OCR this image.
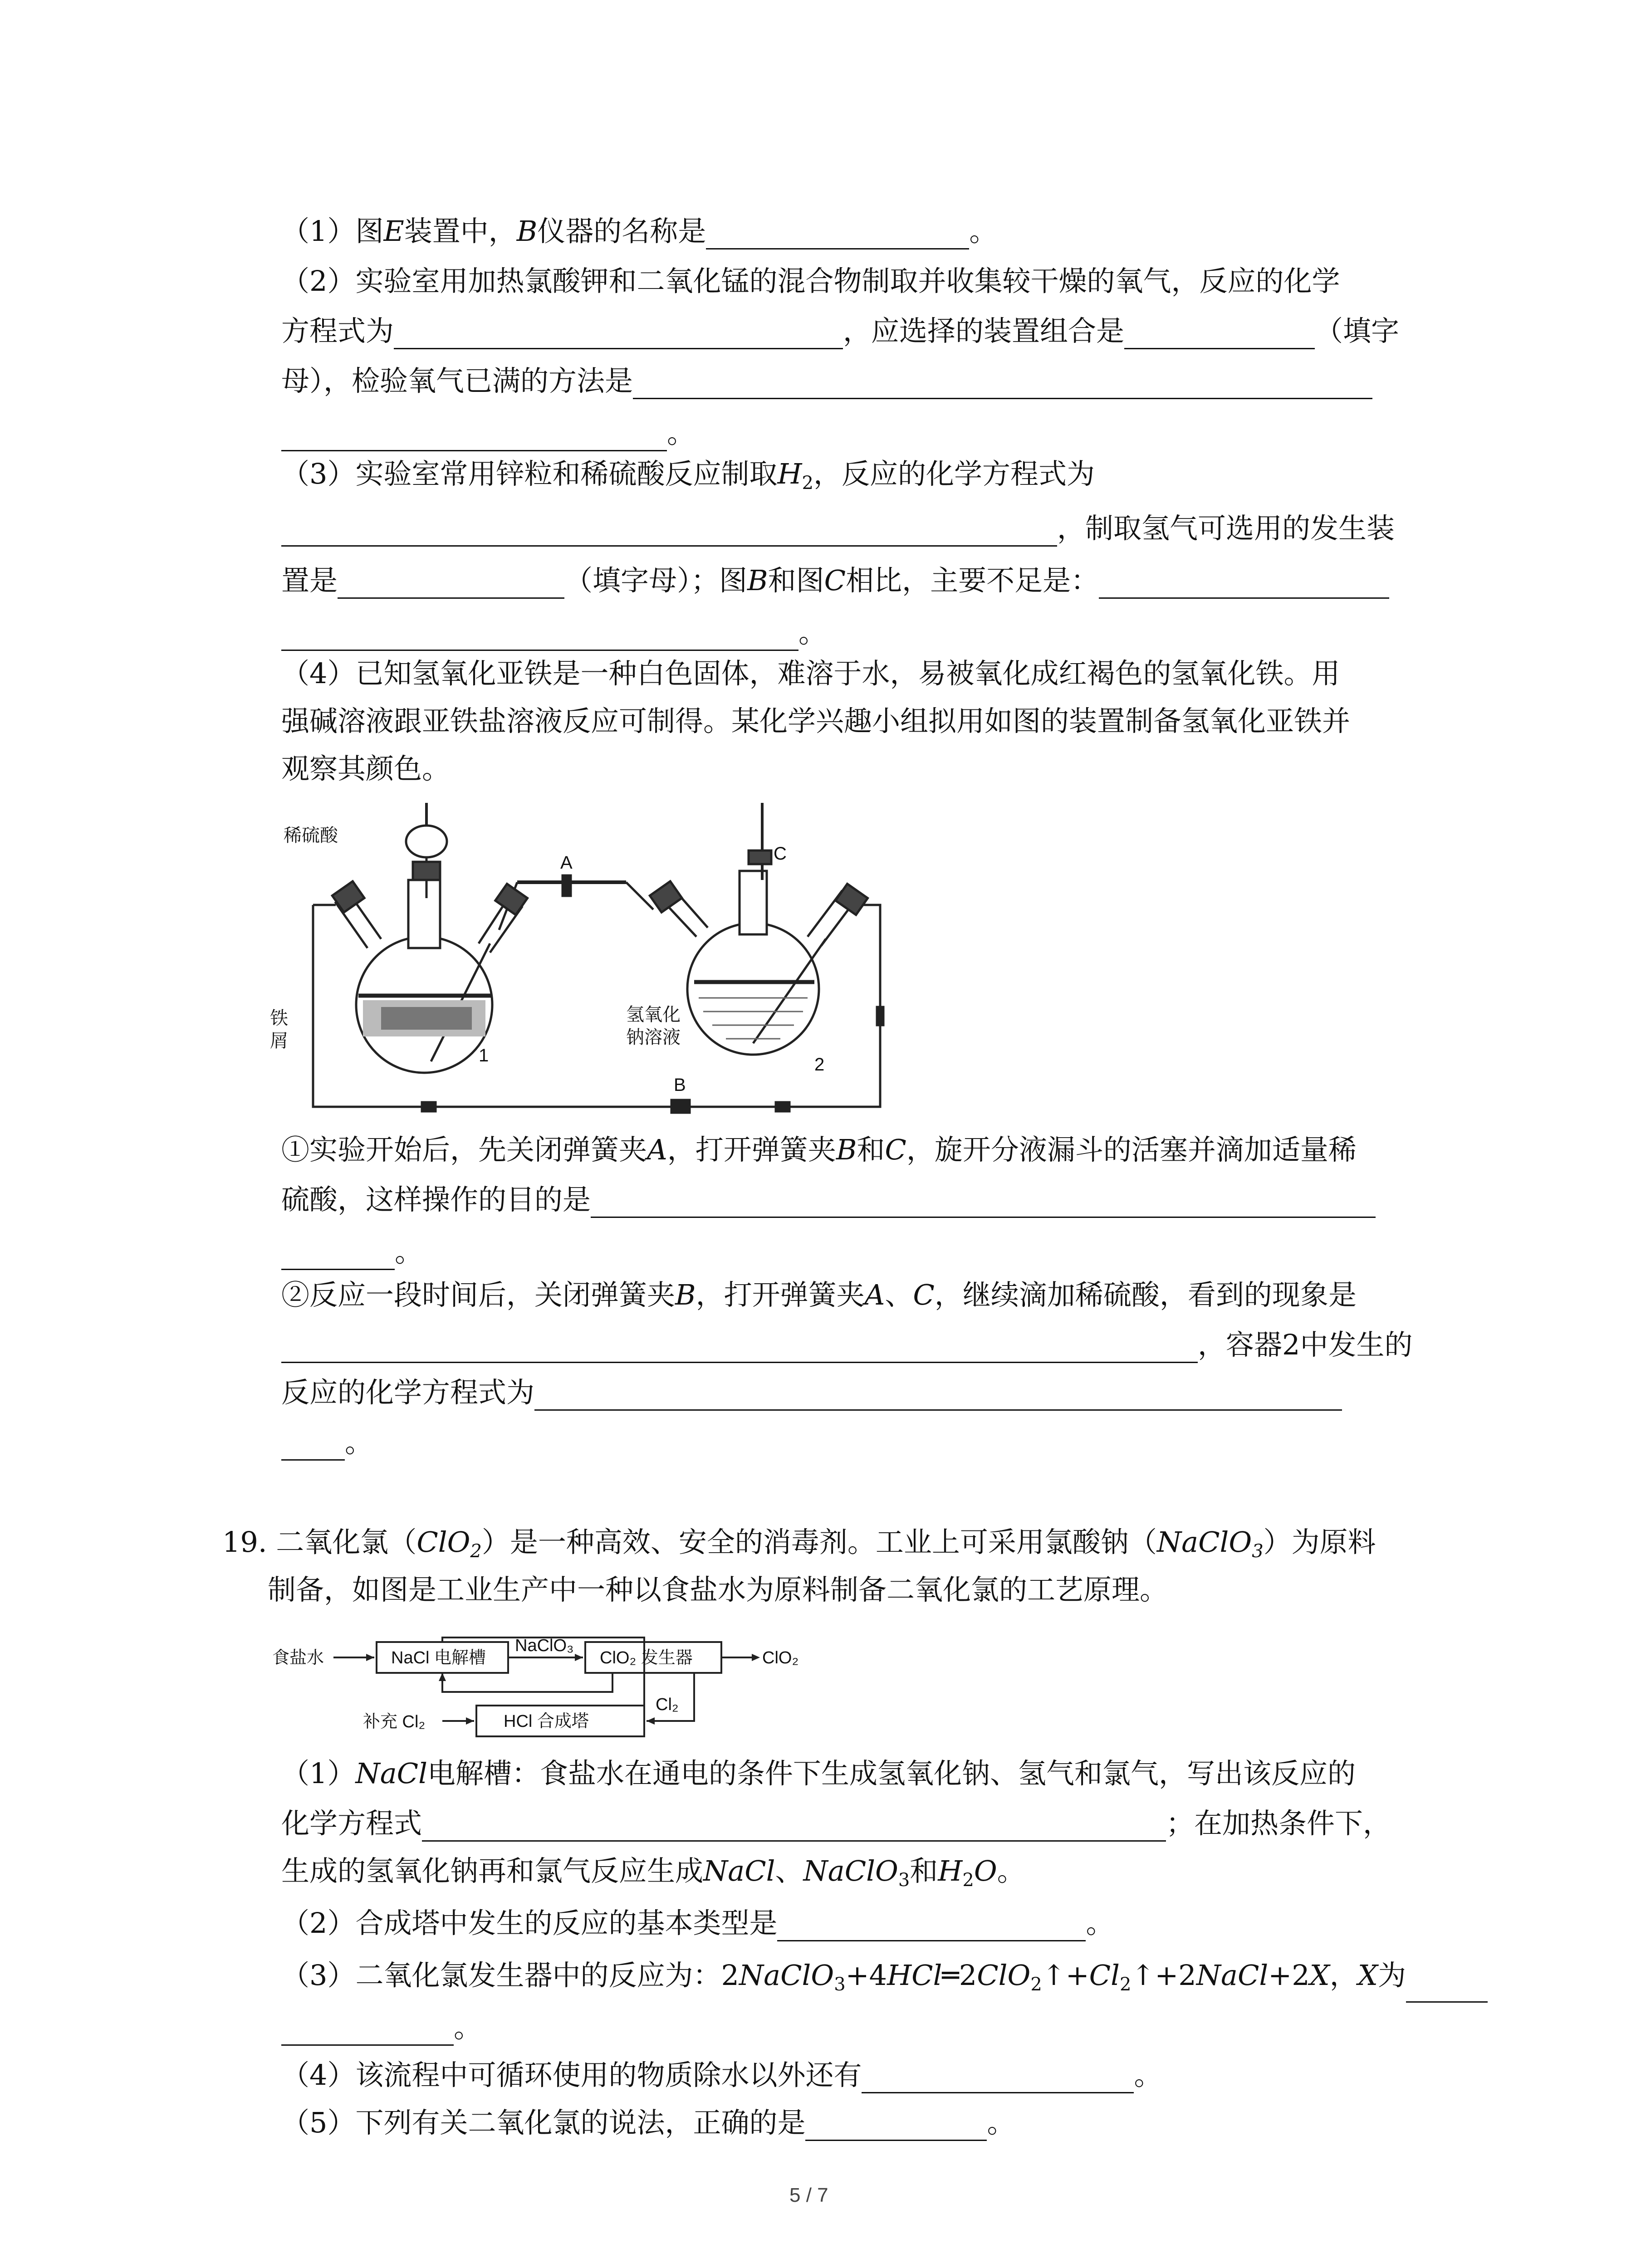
（1）图E装置中，B仪器的名称是	。
（2）实验室用加热氯酸钾和二氧化锰的混合物制取并收集较干燥的氧气，反应的化学
方程式为	，应选择的装置组合是	（填字
母），检验氧气已满的方法是
。
（3）实验室常用锌粒和稀硫酸反应制取$H_2$，反应的化学方程式为
，制取氢气可选用的发生装
置是	（填字母）；图B和图C相比，主要不足是：
。
（4）已知氢氧化亚铁是一种白色固体，难溶于水，易被氧化成红褐色的氢氧化铁。用
强碱溶液跟亚铁盐溶液反应可制得。某化学兴趣小组拟用如图的装置制备氢氧化亚铁并
观察其颜色。
稀硫酸
铁
屑
氢氧化
钠溶液
A
B
C
1	2
①实验开始后，先关闭弹簧夹A，打开弹簧夹B和C，旋开分液漏斗的活塞并滴加适量稀
硫酸，这样操作的目的是
。
②反应一段时间后，关闭弹簧夹B，打开弹簧夹A、C，继续滴加稀硫酸，看到的现象是
，容器2中发生的
反应的化学方程式为
。
19. 二氧化氯（ClO$_2$）是一种高效、安全的消毒剂。工业上可采用氯酸钠（NaClO$_3$）为原料
制备，如图是工业生产中一种以食盐水为原料制备二氧化氯的工艺原理。
食盐水	NaCl 电解槽
NaClO₃
ClO₂ 发生器	ClO₂
补充 Cl₂	HCl 合成塔
Cl₂
（1）NaCl电解槽：食盐水在通电的条件下生成氢氧化钠、氢气和氯气，写出该反应的
化学方程式	；在加热条件下，
生成的氢氧化钠再和氯气反应生成NaCl、NaClO$_3$和$H_2O$。
（2）合成塔中发生的反应的基本类型是	。
（3）二氧化氯发生器中的反应为：$2NaClO_3+4HCl═2ClO_2↑+Cl_2↑+2NaCl+2X$，X为
。
（4）该流程中可循环使用的物质除水以外还有	。
（5）下列有关二氧化氯的说法，正确的是	。
5 / 7
